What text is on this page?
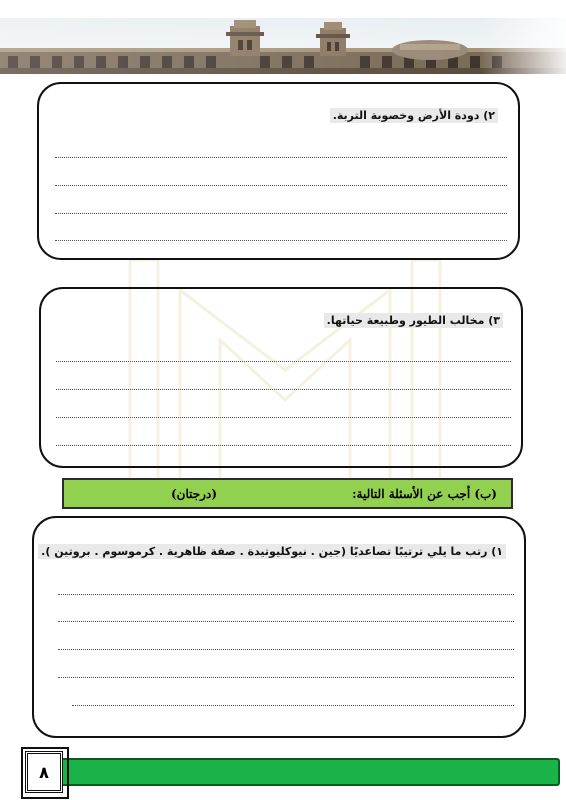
٢) دودة الأرض وخصوبة التربة.
٣) مخالب الطيور وطبيعة حياتها.
(ب) أجب عن الأسئلة التالية:
(درجتان)
١) رتب ما يلي ترتيبًا تصاعديًا (جين . نيوكليوتيدة . صفة ظاهرية . كرموسوم . بروتين ).
٨
